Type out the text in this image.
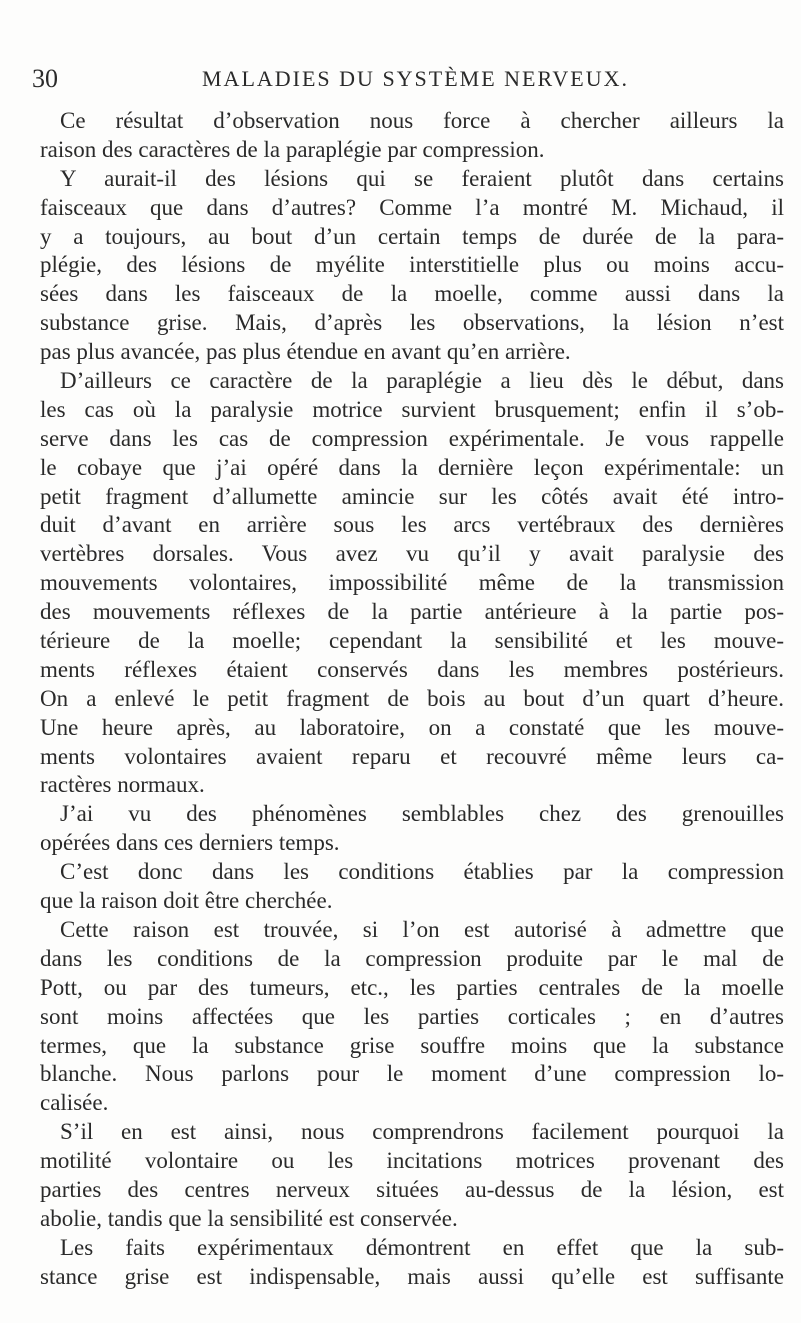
30	MALADIES DU SYSTÈME NERVEUX.
Ce résultat d’observation nous force à chercher ailleurs la
raison des caractères de la paraplégie par compression.
Y aurait-il des lésions qui se feraient plutôt dans certains
faisceaux que dans d’autres? Comme l’a montré M. Michaud, il
y a toujours, au bout d’un certain temps de durée de la para-
plégie, des lésions de myélite interstitielle plus ou moins accu-
sées dans les faisceaux de la moelle, comme aussi dans la
substance grise. Mais, d’après les observations, la lésion n’est
pas plus avancée, pas plus étendue en avant qu’en arrière.
D’ailleurs ce caractère de la paraplégie a lieu dès le début, dans
les cas où la paralysie motrice survient brusquement; enfin il s’ob-
serve dans les cas de compression expérimentale. Je vous rappelle
le cobaye que j’ai opéré dans la dernière leçon expérimentale: un
petit fragment d’allumette amincie sur les côtés avait été intro-
duit d’avant en arrière sous les arcs vertébraux des dernières
vertèbres dorsales. Vous avez vu qu’il y avait paralysie des
mouvements volontaires, impossibilité même de la transmission
des mouvements réflexes de la partie antérieure à la partie pos-
térieure de la moelle; cependant la sensibilité et les mouve-
ments réflexes étaient conservés dans les membres postérieurs.
On a enlevé le petit fragment de bois au bout d’un quart d’heure.
Une heure après, au laboratoire, on a constaté que les mouve-
ments volontaires avaient reparu et recouvré même leurs ca-
ractères normaux.
J’ai vu des phénomènes semblables chez des grenouilles
opérées dans ces derniers temps.
C’est donc dans les conditions établies par la compression
que la raison doit être cherchée.
Cette raison est trouvée, si l’on est autorisé à admettre que
dans les conditions de la compression produite par le mal de
Pott, ou par des tumeurs, etc., les parties centrales de la moelle
sont moins affectées que les parties corticales ; en d’autres
termes, que la substance grise souffre moins que la substance
blanche. Nous parlons pour le moment d’une compression lo-
calisée.
S’il en est ainsi, nous comprendrons facilement pourquoi la
motilité volontaire ou les incitations motrices provenant des
parties des centres nerveux situées au-dessus de la lésion, est
abolie, tandis que la sensibilité est conservée.
Les faits expérimentaux démontrent en effet que la sub-
stance grise est indispensable, mais aussi qu’elle est suffisante
